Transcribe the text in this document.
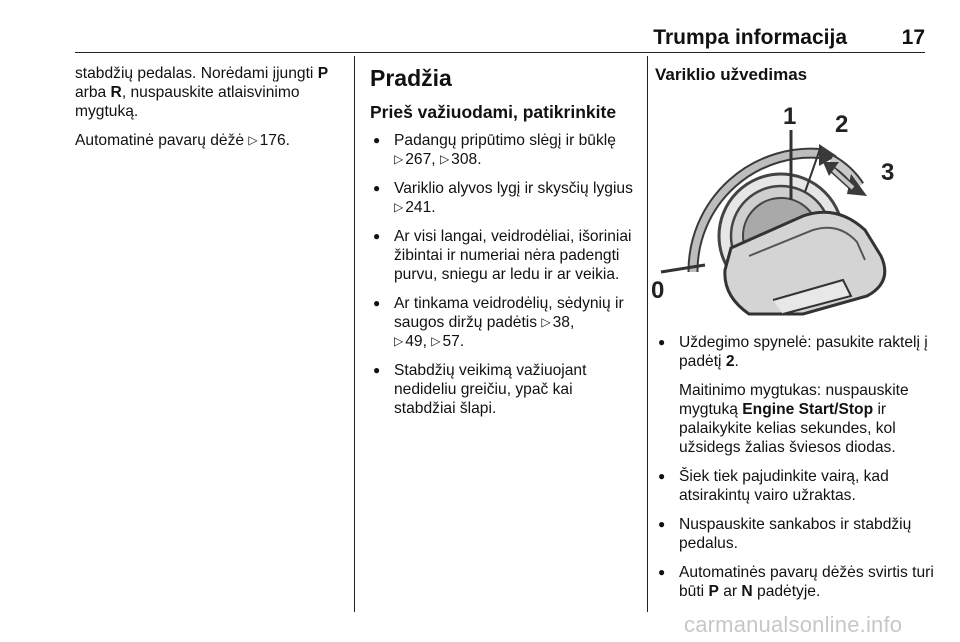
Trumpa informacija	17

stabdžių pedalas. Norėdami įjungti P arba R, nuspauskite atlaisvinimo mygtuką.

Automatinė pavarų dėžė ▷ 176.

Pradžia
Prieš važiuodami, patikrinkite
● Padangų pripūtimo slėgį ir būklę
▷ 267, ▷ 308.
● Variklio alyvos lygį ir skysčių lygius ▷ 241.
● Ar visi langai, veidrodėliai, išoriniai žibintai ir numeriai nėra padengti purvu, sniegu ar ledu ir ar veikia.
● Ar tinkama veidrodėlių, sėdynių ir saugos diržų padėtis ▷ 38,
▷ 49, ▷ 57.
● Stabdžių veikimą važiuojant nedideliu greičiu, ypač kai stabdžiai šlapi.
Variklio užvedimas
0
1 2
3
● Uždegimo spynelė: pasukite raktelį į padėtį 2.
Maitinimo mygtukas: nuspauskite mygtuką Engine Start/Stop ir palaikykite kelias sekundes, kol užsidegs žalias šviesos diodas.
● Šiek tiek pajudinkite vairą, kad atsirakintų vairo užraktas.
● Nuspauskite sankabos ir stabdžių pedalus.
● Automatinės pavarų dėžės svirtis turi būti P ar N padėtyje.
carmanualsonline.info
